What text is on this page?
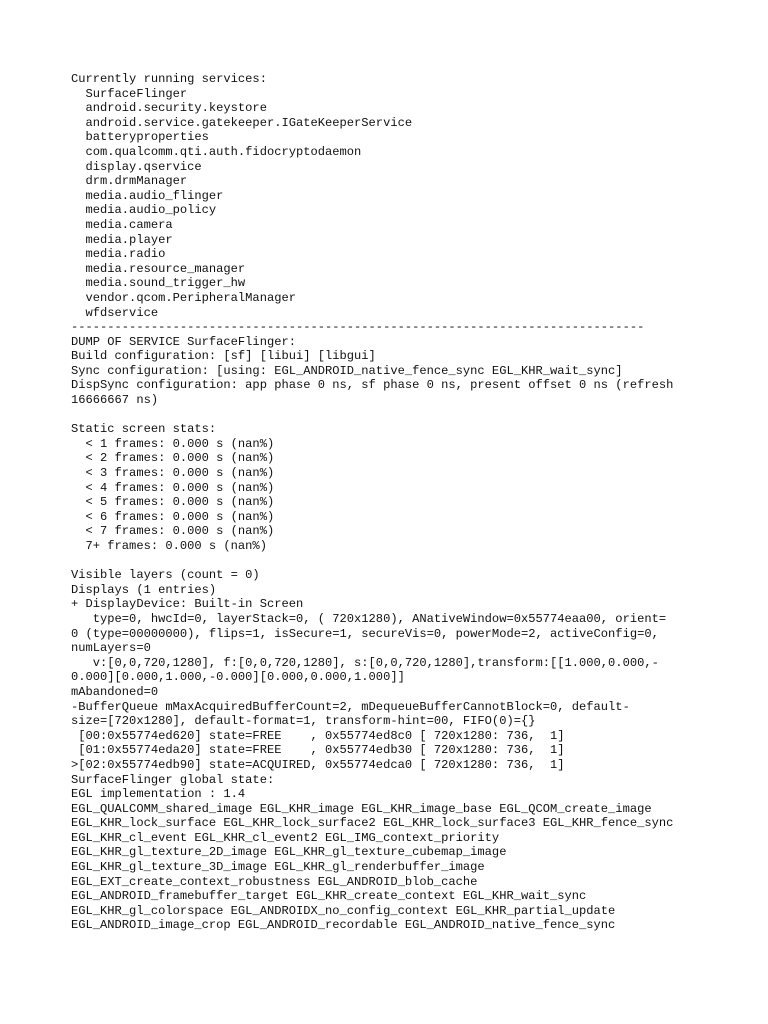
Currently running services:
SurfaceFlinger
android.security.keystore
android.service.gatekeeper.IGateKeeperService
batteryproperties
com.qualcomm.qti.auth.fidocryptodaemon
display.qservice
drm.drmManager
media.audio_flinger
media.audio_policy
media.camera
media.player
media.radio
media.resource_manager
media.sound_trigger_hw
vendor.qcom.PeripheralManager
wfdservice
-------------------------------------------------------------------------------
DUMP OF SERVICE SurfaceFlinger:
Build configuration: [sf] [libui] [libgui]
Sync configuration: [using: EGL_ANDROID_native_fence_sync EGL_KHR_wait_sync]
DispSync configuration: app phase 0 ns, sf phase 0 ns, present offset 0 ns (refresh
16666667 ns)
Static screen stats:
< 1 frames: 0.000 s (nan%)
< 2 frames: 0.000 s (nan%)
< 3 frames: 0.000 s (nan%)
< 4 frames: 0.000 s (nan%)
< 5 frames: 0.000 s (nan%)
< 6 frames: 0.000 s (nan%)
< 7 frames: 0.000 s (nan%)
7+ frames: 0.000 s (nan%)
Visible layers (count = 0)
Displays (1 entries)
+ DisplayDevice: Built-in Screen
type=0, hwcId=0, layerStack=0, ( 720x1280), ANativeWindow=0x55774eaa00, orient=
0 (type=00000000), flips=1, isSecure=1, secureVis=0, powerMode=2, activeConfig=0,
numLayers=0
v:[0,0,720,1280], f:[0,0,720,1280], s:[0,0,720,1280],transform:[[1.000,0.000,-
0.000][0.000,1.000,-0.000][0.000,0.000,1.000]]
mAbandoned=0
-BufferQueue mMaxAcquiredBufferCount=2, mDequeueBufferCannotBlock=0, default-
size=[720x1280], default-format=1, transform-hint=00, FIFO(0)={}
[00:0x55774ed620] state=FREE    , 0x55774ed8c0 [ 720x1280: 736,  1]
[01:0x55774eda20] state=FREE    , 0x55774edb30 [ 720x1280: 736,  1]
>[02:0x55774edb90] state=ACQUIRED, 0x55774edca0 [ 720x1280: 736,  1]
SurfaceFlinger global state:
EGL implementation : 1.4
EGL_QUALCOMM_shared_image EGL_KHR_image EGL_KHR_image_base EGL_QCOM_create_image
EGL_KHR_lock_surface EGL_KHR_lock_surface2 EGL_KHR_lock_surface3 EGL_KHR_fence_sync
EGL_KHR_cl_event EGL_KHR_cl_event2 EGL_IMG_context_priority
EGL_KHR_gl_texture_2D_image EGL_KHR_gl_texture_cubemap_image
EGL_KHR_gl_texture_3D_image EGL_KHR_gl_renderbuffer_image
EGL_EXT_create_context_robustness EGL_ANDROID_blob_cache
EGL_ANDROID_framebuffer_target EGL_KHR_create_context EGL_KHR_wait_sync
EGL_KHR_gl_colorspace EGL_ANDROIDX_no_config_context EGL_KHR_partial_update
EGL_ANDROID_image_crop EGL_ANDROID_recordable EGL_ANDROID_native_fence_sync
